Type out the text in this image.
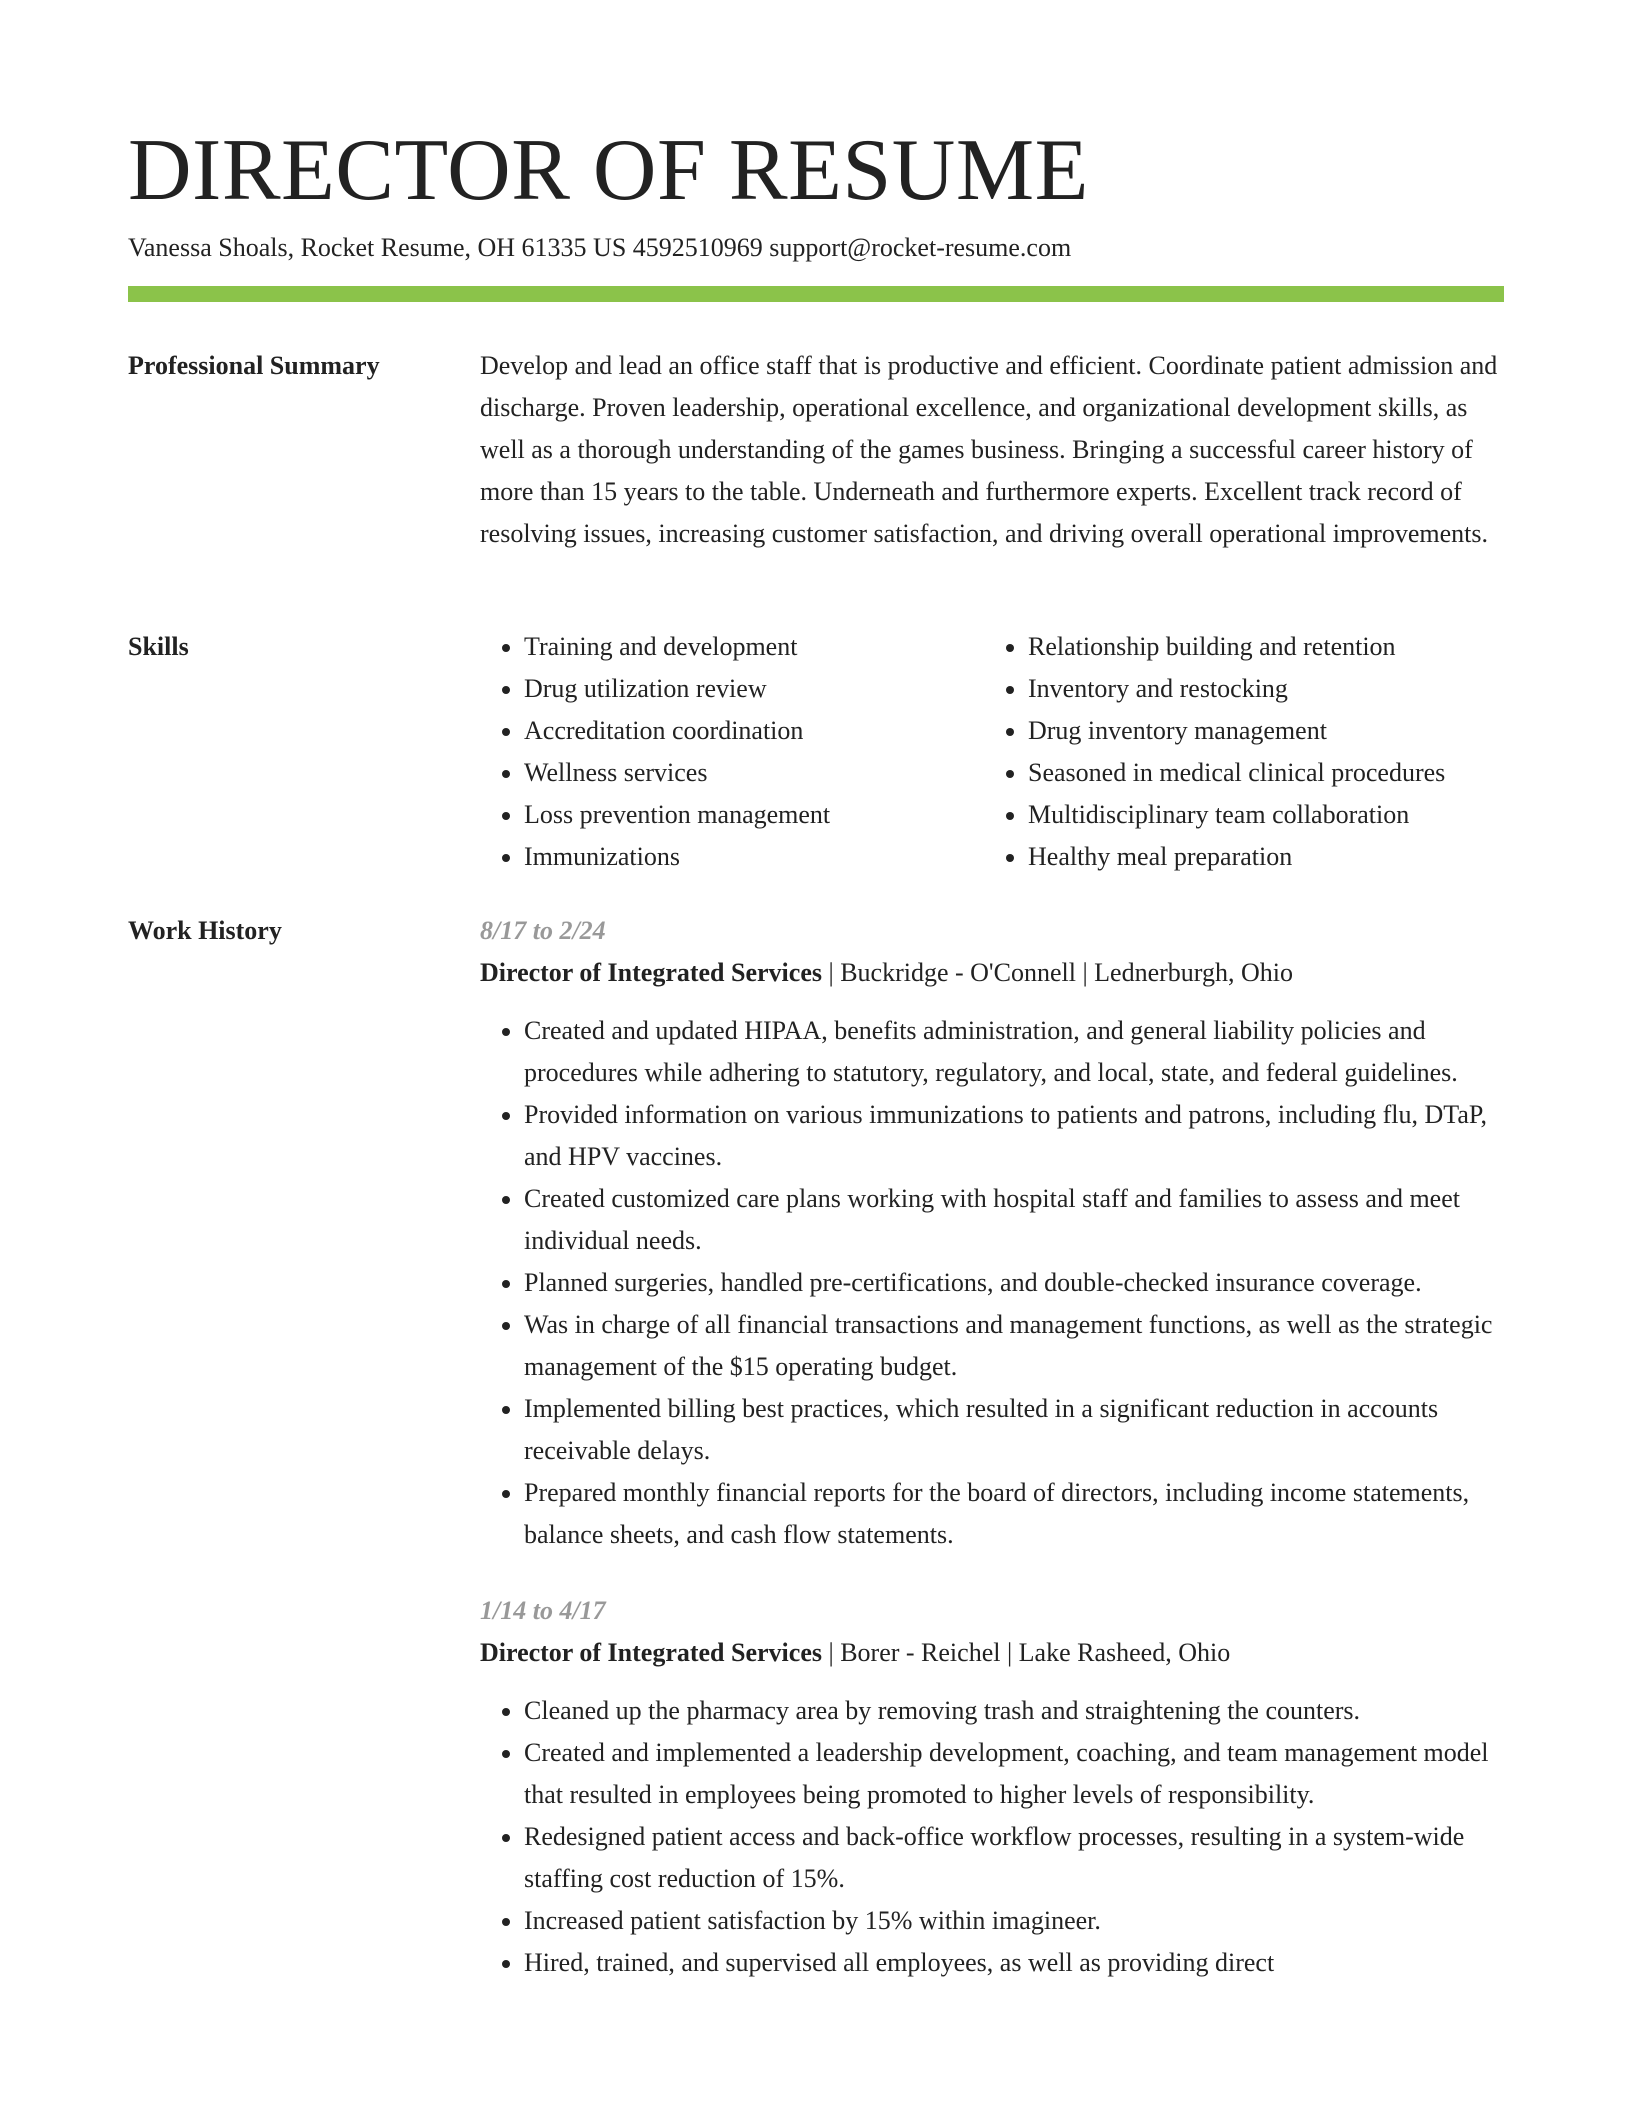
DIRECTOR OF RESUME
Vanessa Shoals, Rocket Resume, OH 61335 US 4592510969 support@rocket-resume.com
Professional Summary	Develop and lead an office staff that is productive and efficient. Coordinate patient admission and discharge. Proven leadership, operational excellence, and organizational development skills, as well as a thorough understanding of the games business. Bringing a successful career history of more than 15 years to the table. Underneath and furthermore experts. Excellent track record of resolving issues, increasing customer satisfaction, and driving overall operational improvements.

Skills
•	Training and development
• Drug utilization review
• Accreditation coordination
• Wellness services
• Loss prevention management
• Immunizations
• Relationship building and retention
• Inventory and restocking
• Drug inventory management
• Seasoned in medical clinical procedures
• Multidisciplinary team collaboration
• Healthy meal preparation
Work History	8/17 to 2/24

Director of Integrated Services | Buckridge - O'Connell | Lednerburgh, Ohio

• Created and updated HIPAA, benefits administration, and general liability policies and procedures while adhering to statutory, regulatory, and local, state, and federal guidelines.
• Provided information on various immunizations to patients and patrons, including flu, DTaP, and HPV vaccines.
• Created customized care plans working with hospital staff and families to assess and meet individual needs.
• Planned surgeries, handled pre-certifications, and double-checked insurance coverage.
• Was in charge of all financial transactions and management functions, as well as the strategic management of the $15 operating budget.
• Implemented billing best practices, which resulted in a significant reduction in accounts receivable delays.
• Prepared monthly financial reports for the board of directors, including income statements, balance sheets, and cash flow statements.

1/14 to 4/17

Director of Integrated Services | Borer - Reichel | Lake Rasheed, Ohio

• Cleaned up the pharmacy area by removing trash and straightening the counters.
• Created and implemented a leadership development, coaching, and team management model that resulted in employees being promoted to higher levels of responsibility.
• Redesigned patient access and back-office workflow processes, resulting in a system-wide staffing cost reduction of 15%.
• Increased patient satisfaction by 15% within imagineer.
• Hired, trained, and supervised all employees, as well as providing direct
